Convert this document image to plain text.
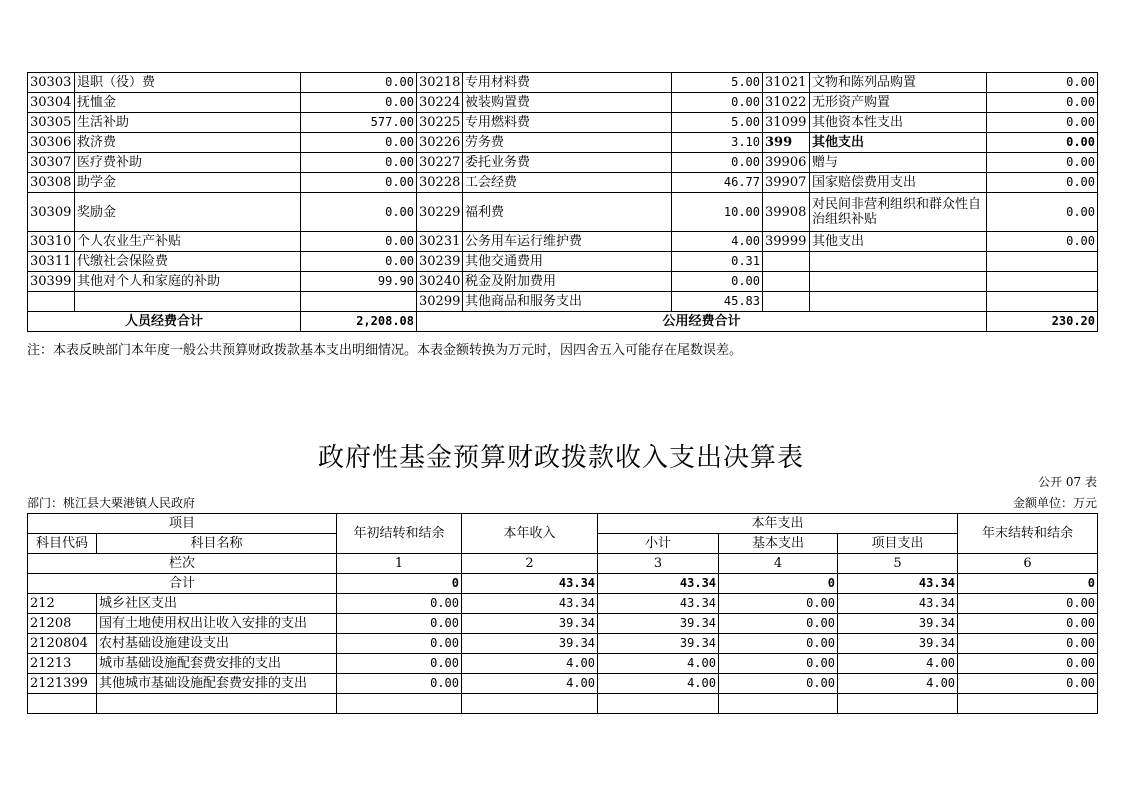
30303	退职（役）费	0.00	30218	专用材料费	5.00	31021	文物和陈列品购置	0.00
30304	抚恤金	0.00	30224	被装购置费	0.00	31022	无形资产购置	0.00
30305	生活补助	577.00	30225	专用燃料费	5.00	31099	其他资本性支出	0.00
30306	救济费	0.00	30226	劳务费	3.10	399	其他支出	0.00
30307	医疗费补助	0.00	30227	委托业务费	0.00	39906	赠与	0.00
30308	助学金	0.00	30228	工会经费	46.77	39907	国家赔偿费用支出	0.00
30309	奖励金	0.00	30229	福利费	10.00	39908	对民间非营利组织和群众性自治组织补贴	0.00
30310	个人农业生产补贴	0.00	30231	公务用车运行维护费	4.00	39999	其他支出	0.00
30311	代缴社会保险费	0.00	30239	其他交通费用	0.31			
30399	其他对个人和家庭的补助	99.90	30240	税金及附加费用	0.00			
			30299	其他商品和服务支出	45.83			
人员经费合计		2,208.08	公用经费合计					230.20
注：本表反映部门本年度一般公共预算财政拨款基本支出明细情况。本表金额转换为万元时，因四舍五入可能存在尾数误差。
政府性基金预算财政拨款收入支出决算表
公开 07 表
部门：桃江县大栗港镇人民政府	金额单位：万元
项目		年初结转和结余	本年收入	本年支出			年末结转和结余
科目代码	科目名称			小计	基本支出	项目支出	
栏次		1	2	3	4	5	6
合计		0	43.34	43.34	0	43.34	0
212	城乡社区支出	0.00	43.34	43.34	0.00	43.34	0.00
21208	国有土地使用权出让收入安排的支出	0.00	39.34	39.34	0.00	39.34	0.00
2120804	农村基础设施建设支出	0.00	39.34	39.34	0.00	39.34	0.00
21213	城市基础设施配套费安排的支出	0.00	4.00	4.00	0.00	4.00	0.00
2121399	其他城市基础设施配套费安排的支出	0.00	4.00	4.00	0.00	4.00	0.00
